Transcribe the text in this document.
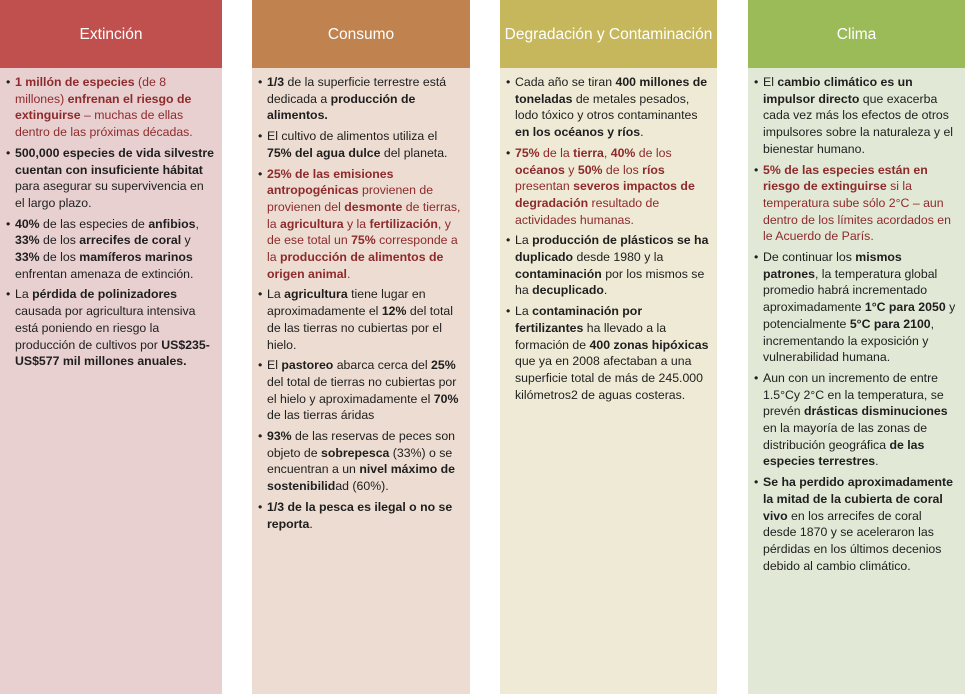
Extinción
• 1 millón de especies (de 8 millones) enfrenan el riesgo de extinguirse – muchas de ellas dentro de las próximas décadas.
• 500,000 especies de vida silvestre cuentan con insuficiente hábitat para asegurar su supervivencia en el largo plazo.
• 40% de las especies de anfibios, 33% de los arrecifes de coral y 33% de los mamíferos marinos enfrentan amenaza de extinción.
• La pérdida de polinizadores causada por agricultura intensiva está poniendo en riesgo la producción de cultivos por US$235-US$577 mil millones anuales.
Consumo
• 1/3 de la superficie terrestre está dedicada a producción de alimentos.
• El cultivo de alimentos utiliza el 75% del agua dulce del planeta.
• 25% de las emisiones antropogénicas provienen de provienen del desmonte de tierras, la agricultura y la fertilización, y de ese total un 75% corresponde a la producción de alimentos de origen animal.
• La agricultura tiene lugar en aproximadamente el 12% del total de las tierras no cubiertas por el hielo.
• El pastoreo abarca cerca del 25% del total de tierras no cubiertas por el hielo y aproximadamente el 70% de las tierras áridas
• 93% de las reservas de peces son objeto de sobrepesca (33%) o se encuentran a un nivel máximo de sostenibilidad (60%).
• 1/3 de la pesca es ilegal o no se reporta.
Degradación y Contaminación
• Cada año se tiran 400 millones de toneladas de metales pesados, lodo tóxico y otros contaminantes en los océanos y ríos.
• 75% de la tierra, 40% de los océanos y 50% de los ríos presentan severos impactos de degradación resultado de actividades humanas.
• La producción de plásticos se ha duplicado desde 1980 y la contaminación por los mismos se ha decuplicado.
• La contaminación por fertilizantes ha llevado a la formación de 400 zonas hipóxicas que ya en 2008 afectaban a una superficie total de más de 245.000 kilómetros2 de aguas costeras.
Clima
• El cambio climático es un impulsor directo que exacerba cada vez más los efectos de otros impulsores sobre la naturaleza y el bienestar humano.
• 5% de las especies están en riesgo de extinguirse si la temperatura sube sólo 2°C – aun dentro de los límites acordados en le Acuerdo de París.
• De continuar los mismos patrones, la temperatura global promedio habrá incrementado aproximadamente 1°C para 2050 y potencialmente 5°C para 2100, incrementando la exposición y vulnerabilidad humana.
• Aun con un incremento de entre 1.5°Cy 2°C en la temperatura, se prevén drásticas disminuciones en la mayoría de las zonas de distribución geográfica de las especies terrestres.
• Se ha perdido aproximadamente la mitad de la cubierta de coral vivo en los arrecifes de coral desde 1870 y se aceleraron las pérdidas en los últimos decenios debido al cambio climático.
